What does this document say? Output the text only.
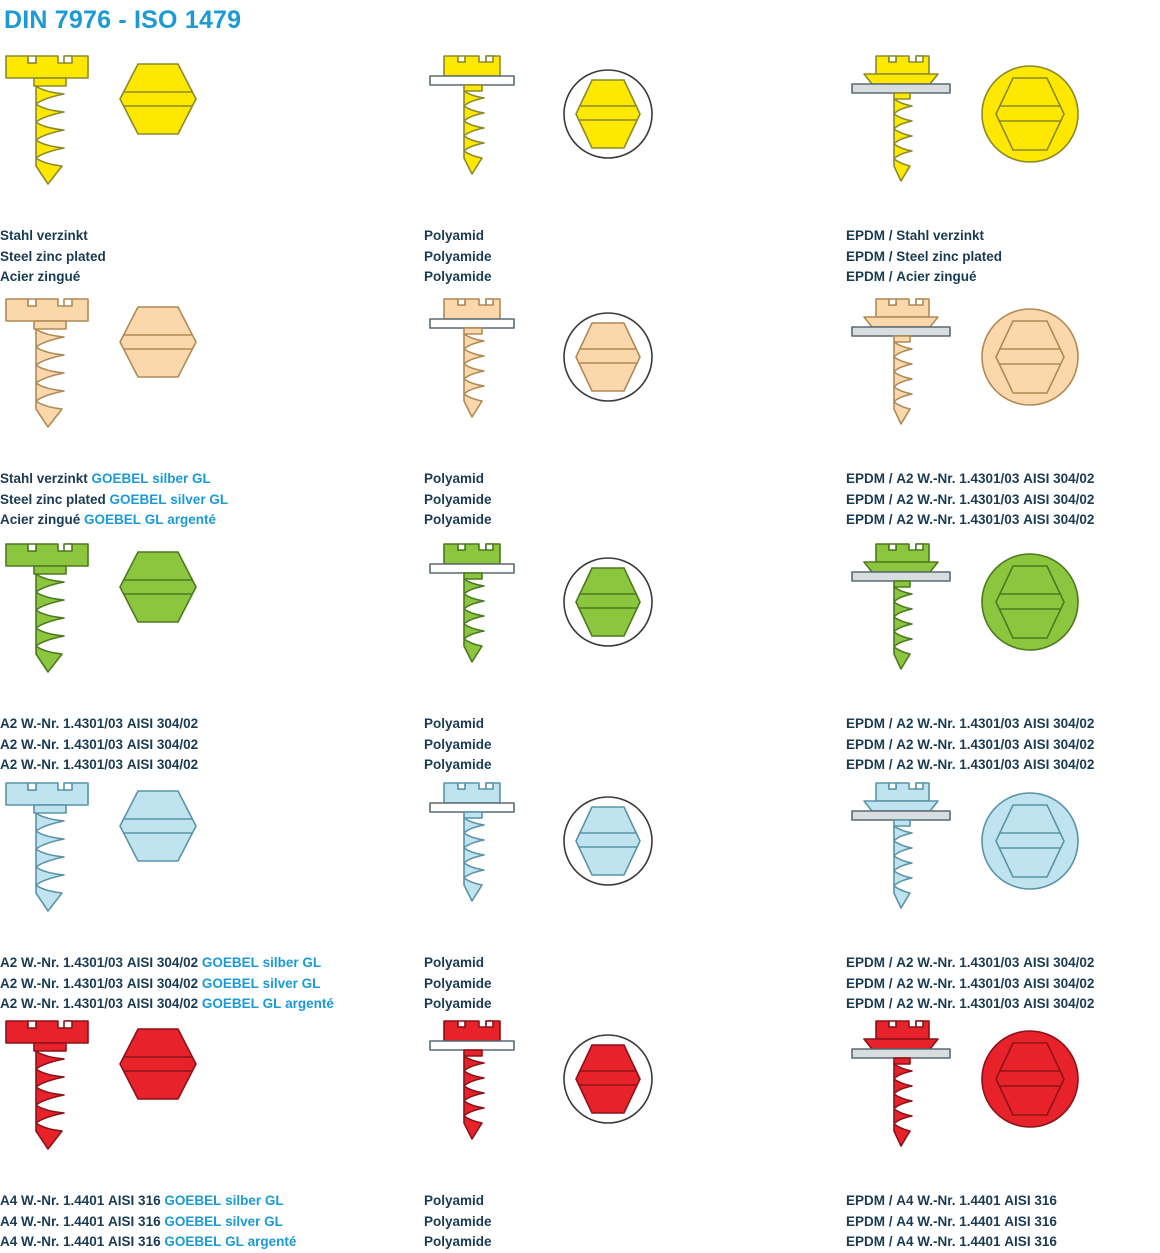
DIN 7976 - ISO 1479
Stahl verzinkt
Steel zinc plated
Acier zingué
Polyamid
Polyamide
Polyamide
EPDM / Stahl verzinkt
EPDM / Steel zinc plated
EPDM / Acier zingué
Stahl verzinkt GOEBEL silber GL
Steel zinc plated GOEBEL silver GL
Acier zingué GOEBEL GL argenté
Polyamid
Polyamide
Polyamide
EPDM / A2 W.-Nr. 1.4301/03 AISI 304/02
EPDM / A2 W.-Nr. 1.4301/03 AISI 304/02
EPDM / A2 W.-Nr. 1.4301/03 AISI 304/02
A2 W.-Nr. 1.4301/03 AISI 304/02
A2 W.-Nr. 1.4301/03 AISI 304/02
A2 W.-Nr. 1.4301/03 AISI 304/02
Polyamid
Polyamide
Polyamide
EPDM / A2 W.-Nr. 1.4301/03 AISI 304/02
EPDM / A2 W.-Nr. 1.4301/03 AISI 304/02
EPDM / A2 W.-Nr. 1.4301/03 AISI 304/02
A2 W.-Nr. 1.4301/03 AISI 304/02 GOEBEL silber GL
A2 W.-Nr. 1.4301/03 AISI 304/02 GOEBEL silver GL
A2 W.-Nr. 1.4301/03 AISI 304/02 GOEBEL GL argenté
Polyamid
Polyamide
Polyamide
EPDM / A2 W.-Nr. 1.4301/03 AISI 304/02
EPDM / A2 W.-Nr. 1.4301/03 AISI 304/02
EPDM / A2 W.-Nr. 1.4301/03 AISI 304/02
A4 W.-Nr. 1.4401 AISI 316 GOEBEL silber GL
A4 W.-Nr. 1.4401 AISI 316 GOEBEL silver GL
A4 W.-Nr. 1.4401 AISI 316 GOEBEL GL argenté
Polyamid
Polyamide
Polyamide
EPDM / A4 W.-Nr. 1.4401 AISI 316
EPDM / A4 W.-Nr. 1.4401 AISI 316
EPDM / A4 W.-Nr. 1.4401 AISI 316
